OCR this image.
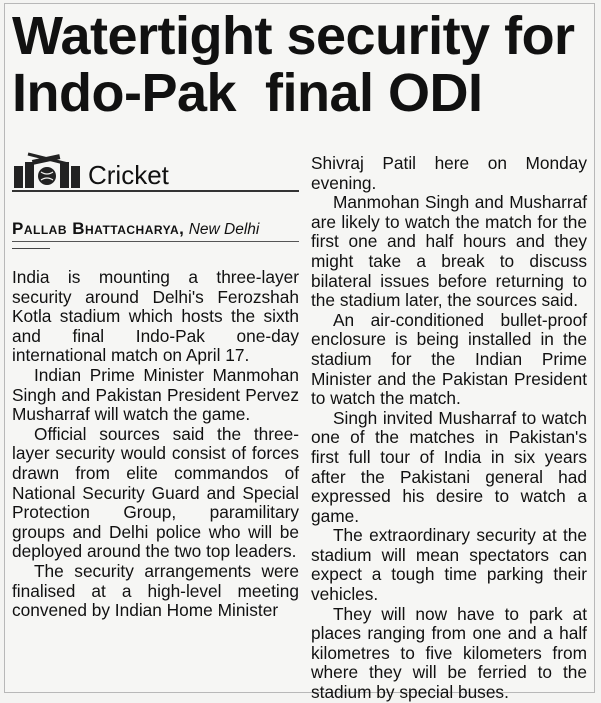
Watertight security for
Indo-Pak  final ODI
Cricket
Pallab Bhattacharya, New Delhi

India is mounting a three-layer security around Delhi's Ferozshah Kotla stadium which hosts the sixth and final Indo-Pak one-day international match on April 17.

Indian Prime Minister Manmohan Singh and Pakistan President Pervez Musharraf will watch the game.

Official sources said the three-layer security would consist of forces drawn from elite commandos of National Security Guard and Special Protection Group, paramilitary groups and Delhi police who will be deployed around the two top leaders.

The security arrangements were finalised at a high-level meeting convened by Indian Home Minister

Shivraj Patil here on Monday evening.

Manmohan Singh and Musharraf are likely to watch the match for the first one and half hours and they might take a break to discuss bilateral issues before returning to the stadium later, the sources said.

An air-conditioned bullet-proof enclosure is being installed in the stadium for the Indian Prime Minister and the Pakistan President to watch the match.

Singh invited Musharraf to watch one of the matches in Pakistan's first full tour of India in six years after the Pakistani general had expressed his desire to watch a game.

The extraordinary security at the stadium will mean spectators can expect a tough time parking their vehicles.

They will now have to park at places ranging from one and a half kilometres to five kilometers from where they will be ferried to the stadium by special buses.
